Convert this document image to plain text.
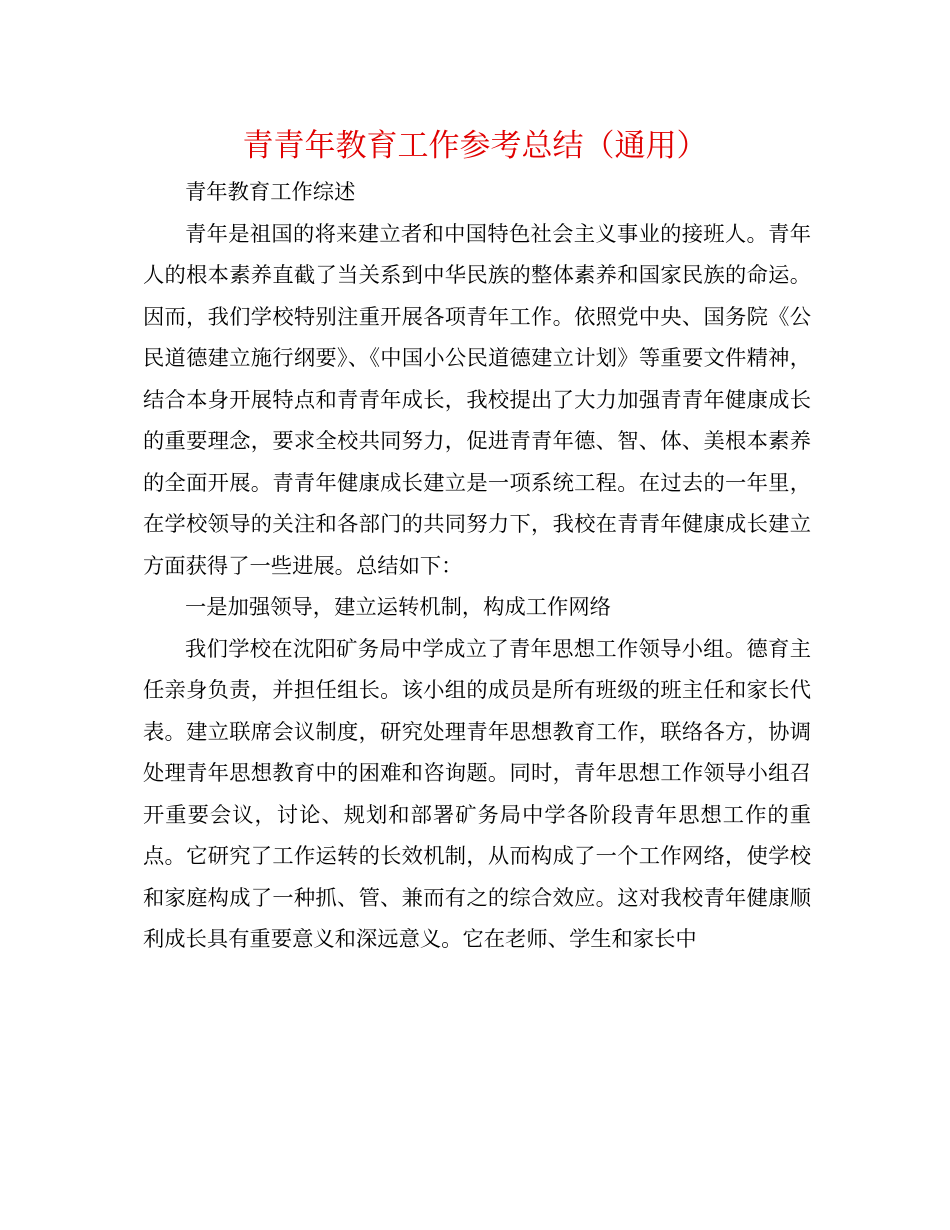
青青年教育工作参考总结（通用）

青年教育工作综述

青年是祖国的将来建立者和中国特色社会主义事业的接班人。青年人的根本素养直截了当关系到中华民族的整体素养和国家民族的命运。因而，我们学校特别注重开展各项青年工作。依照党中央、国务院《公民道德建立施行纲要》、《中国小公民道德建立计划》等重要文件精神，结合本身开展特点和青青年成长，我校提出了大力加强青青年健康成长的重要理念，要求全校共同努力，促进青青年德、智、体、美根本素养的全面开展。青青年健康成长建立是一项系统工程。在过去的一年里，在学校领导的关注和各部门的共同努力下，我校在青青年健康成长建立方面获得了一些进展。总结如下：

一是加强领导，建立运转机制，构成工作网络

我们学校在沈阳矿务局中学成立了青年思想工作领导小组。德育主任亲身负责，并担任组长。该小组的成员是所有班级的班主任和家长代表。建立联席会议制度，研究处理青年思想教育工作，联络各方，协调处理青年思想教育中的困难和咨询题。同时，青年思想工作领导小组召开重要会议，讨论、规划和部署矿务局中学各阶段青年思想工作的重点。它研究了工作运转的长效机制，从而构成了一个工作网络，使学校和家庭构成了一种抓、管、兼而有之的综合效应。这对我校青年健康顺利成长具有重要意义和深远意义。它在老师、学生和家长中
